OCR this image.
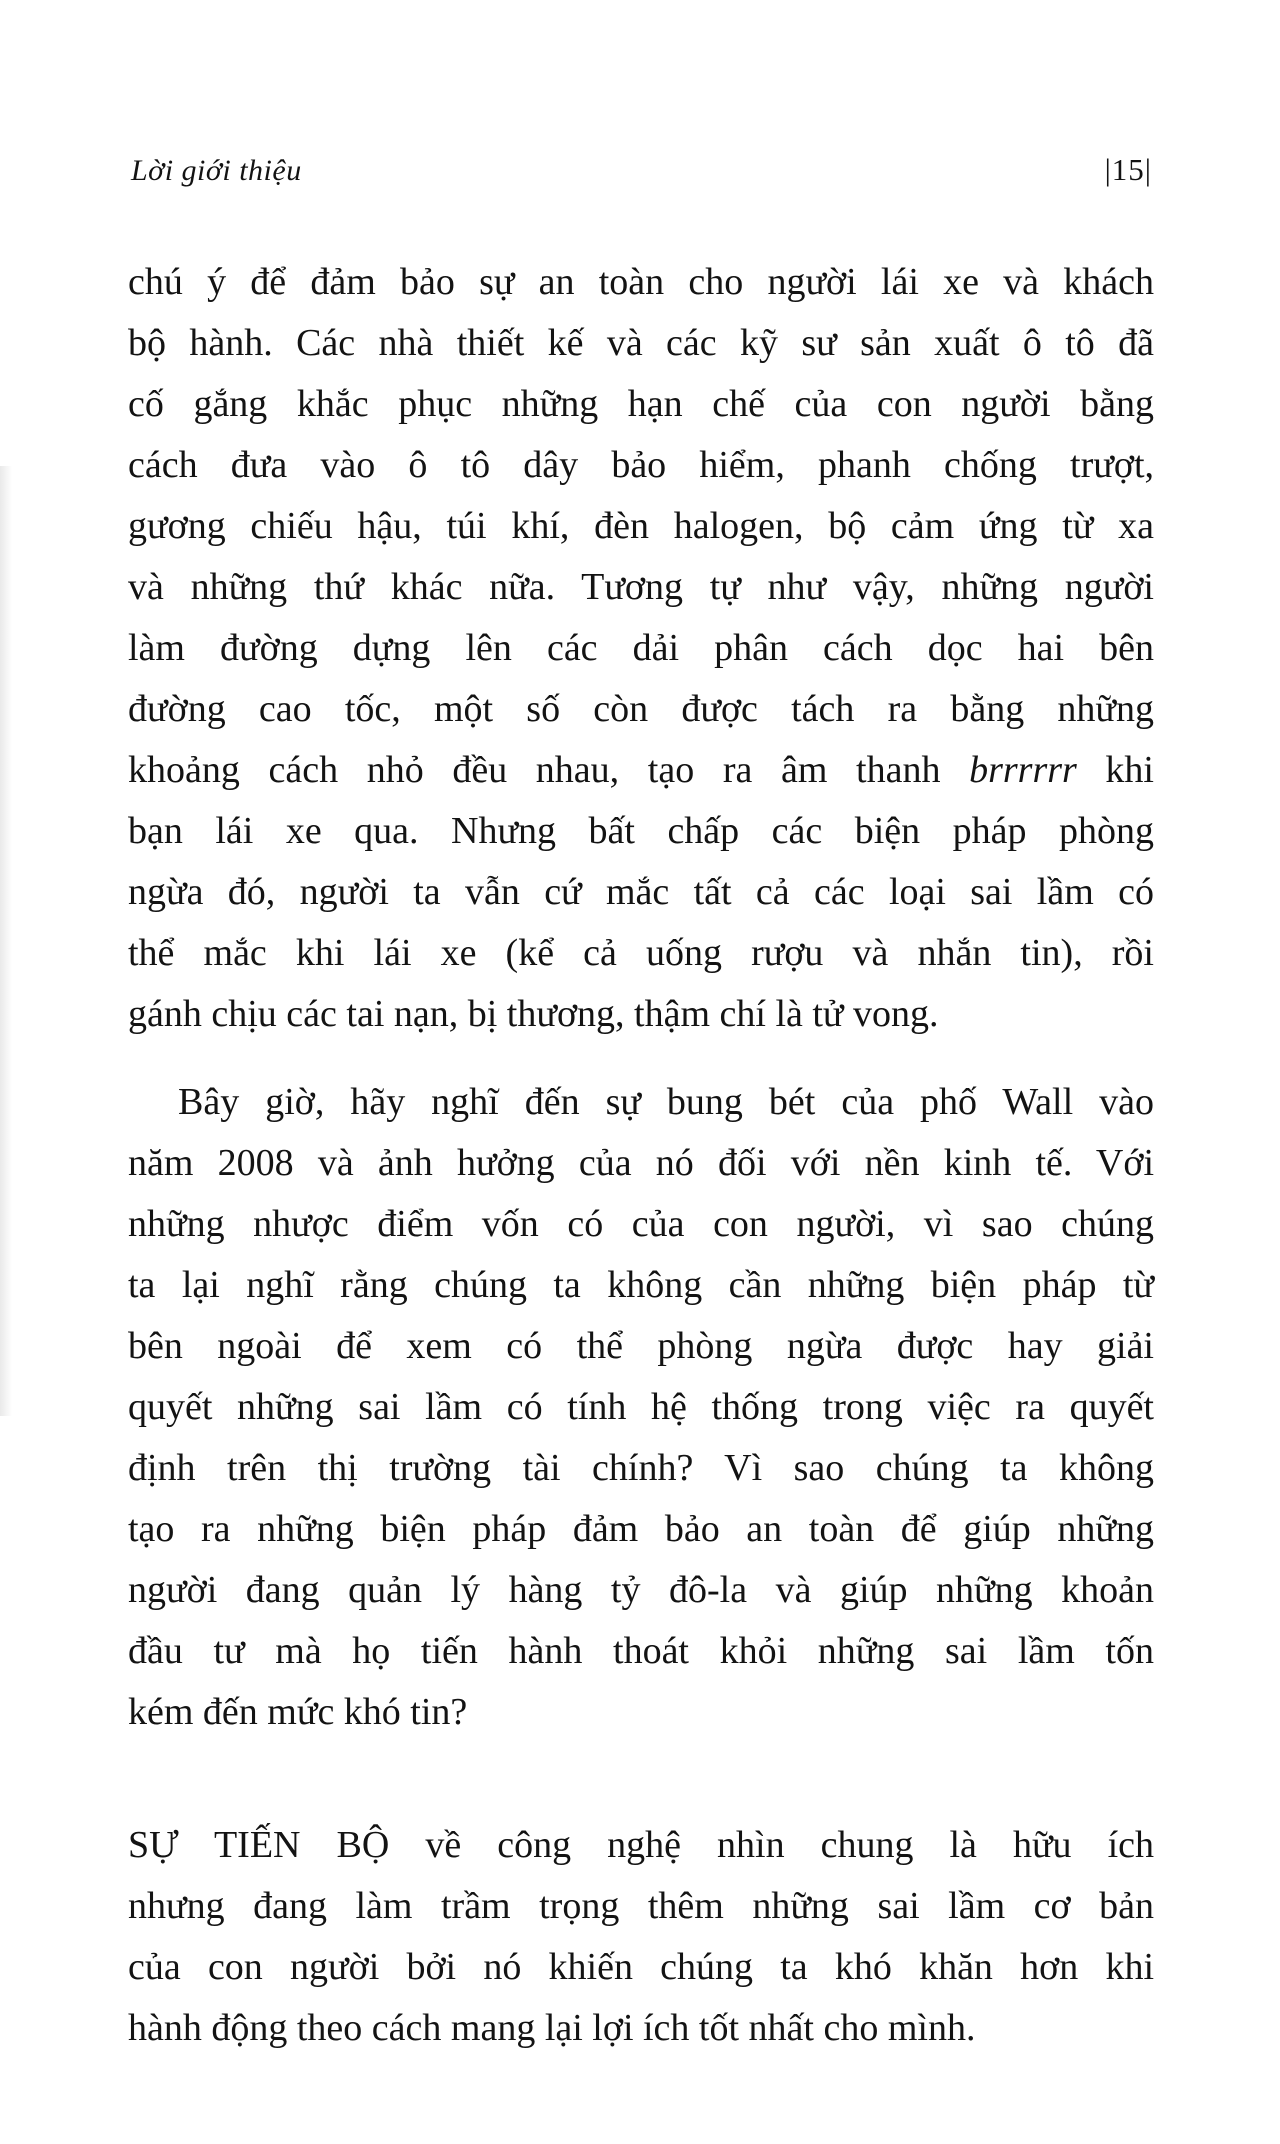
Lời giới thiệu	|15|

chú ý để đảm bảo sự an toàn cho người lái xe và khách
bộ hành. Các nhà thiết kế và các kỹ sư sản xuất ô tô đã
cố gắng khắc phục những hạn chế của con người bằng
cách đưa vào ô tô dây bảo hiểm, phanh chống trượt,
gương chiếu hậu, túi khí, đèn halogen, bộ cảm ứng từ xa
và những thứ khác nữa. Tương tự như vậy, những người
làm đường dựng lên các dải phân cách dọc hai bên
đường cao tốc, một số còn được tách ra bằng những
khoảng cách nhỏ đều nhau, tạo ra âm thanh brrrrrr khi
bạn lái xe qua. Nhưng bất chấp các biện pháp phòng
ngừa đó, người ta vẫn cứ mắc tất cả các loại sai lầm có
thể mắc khi lái xe (kể cả uống rượu và nhắn tin), rồi
gánh chịu các tai nạn, bị thương, thậm chí là tử vong.

Bây giờ, hãy nghĩ đến sự bung bét của phố Wall vào
năm 2008 và ảnh hưởng của nó đối với nền kinh tế. Với
những nhược điểm vốn có của con người, vì sao chúng
ta lại nghĩ rằng chúng ta không cần những biện pháp từ
bên ngoài để xem có thể phòng ngừa được hay giải
quyết những sai lầm có tính hệ thống trong việc ra quyết
định trên thị trường tài chính? Vì sao chúng ta không
tạo ra những biện pháp đảm bảo an toàn để giúp những
người đang quản lý hàng tỷ đô-la và giúp những khoản
đầu tư mà họ tiến hành thoát khỏi những sai lầm tốn
kém đến mức khó tin?

SỰ TIẾN BỘ về công nghệ nhìn chung là hữu ích
nhưng đang làm trầm trọng thêm những sai lầm cơ bản
của con người bởi nó khiến chúng ta khó khăn hơn khi
hành động theo cách mang lại lợi ích tốt nhất cho mình.
